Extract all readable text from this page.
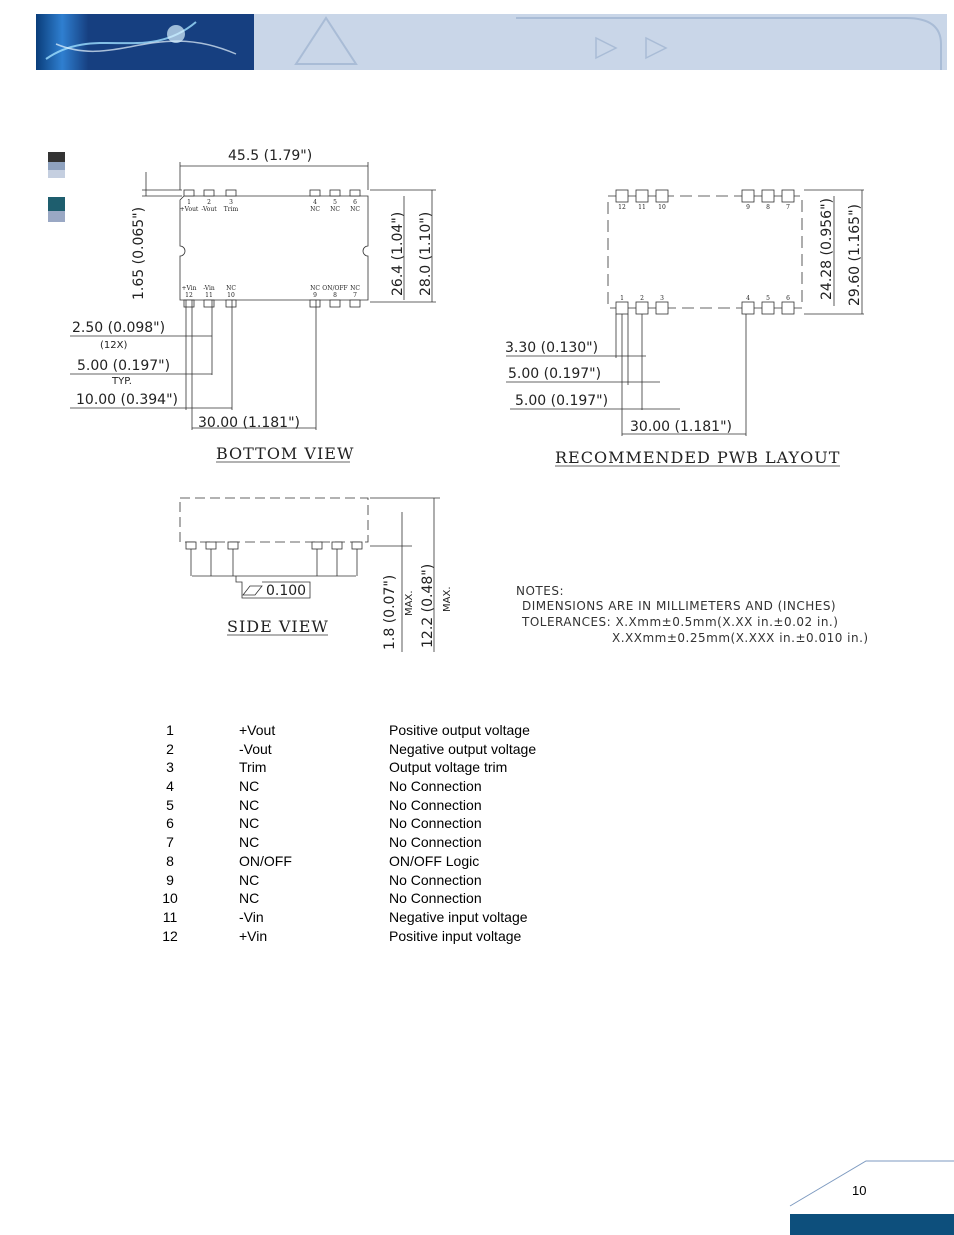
45.5 (1.79")
1
+Vout
2
-Vout
3
Trim
4
NC
5
NC
6
NC
+Vin
12
-Vin
11
NC
10
NC
9
ON/OFF
8
NC
7
1.65 (0.065")	26.4 (1.04") 28.0 (1.10")
2.50 (0.098")
(12X)
5.00 (0.197")
TYP.
10.00 (0.394")
30.00 (1.181")
BOTTOM VIEW
12 11 10	9	8	7
1	2	3	4	5	6 24.28 (0.956") 29.60 (1.165")
3.30 (0.130")
5.00 (0.197")
5.00 (0.197")
30.00 (1.181")
RECOMMENDED PWB LAYOUT
0.100	1.8 (0.07") MAX. 12.2 (0.48") MAX.
SIDE VIEW
NOTES:
DIMENSIONS ARE IN MILLIMETERS AND (INCHES)
TOLERANCES: X.Xmm±0.5mm(X.XX in.±0.02 in.)
X.XXmm±0.25mm(X.XXX in.±0.010 in.)
1	+Vout	Positive output voltage
2	-Vout	Negative output voltage
3	Trim	Output voltage trim
4	NC	No Connection
5	NC	No Connection
6	NC	No Connection
7	NC	No Connection
8	ON/OFF	ON/OFF Logic
9	NC	No Connection
10	NC	No Connection
11	-Vin	Negative input voltage
12	+Vin	Positive input voltage
10
